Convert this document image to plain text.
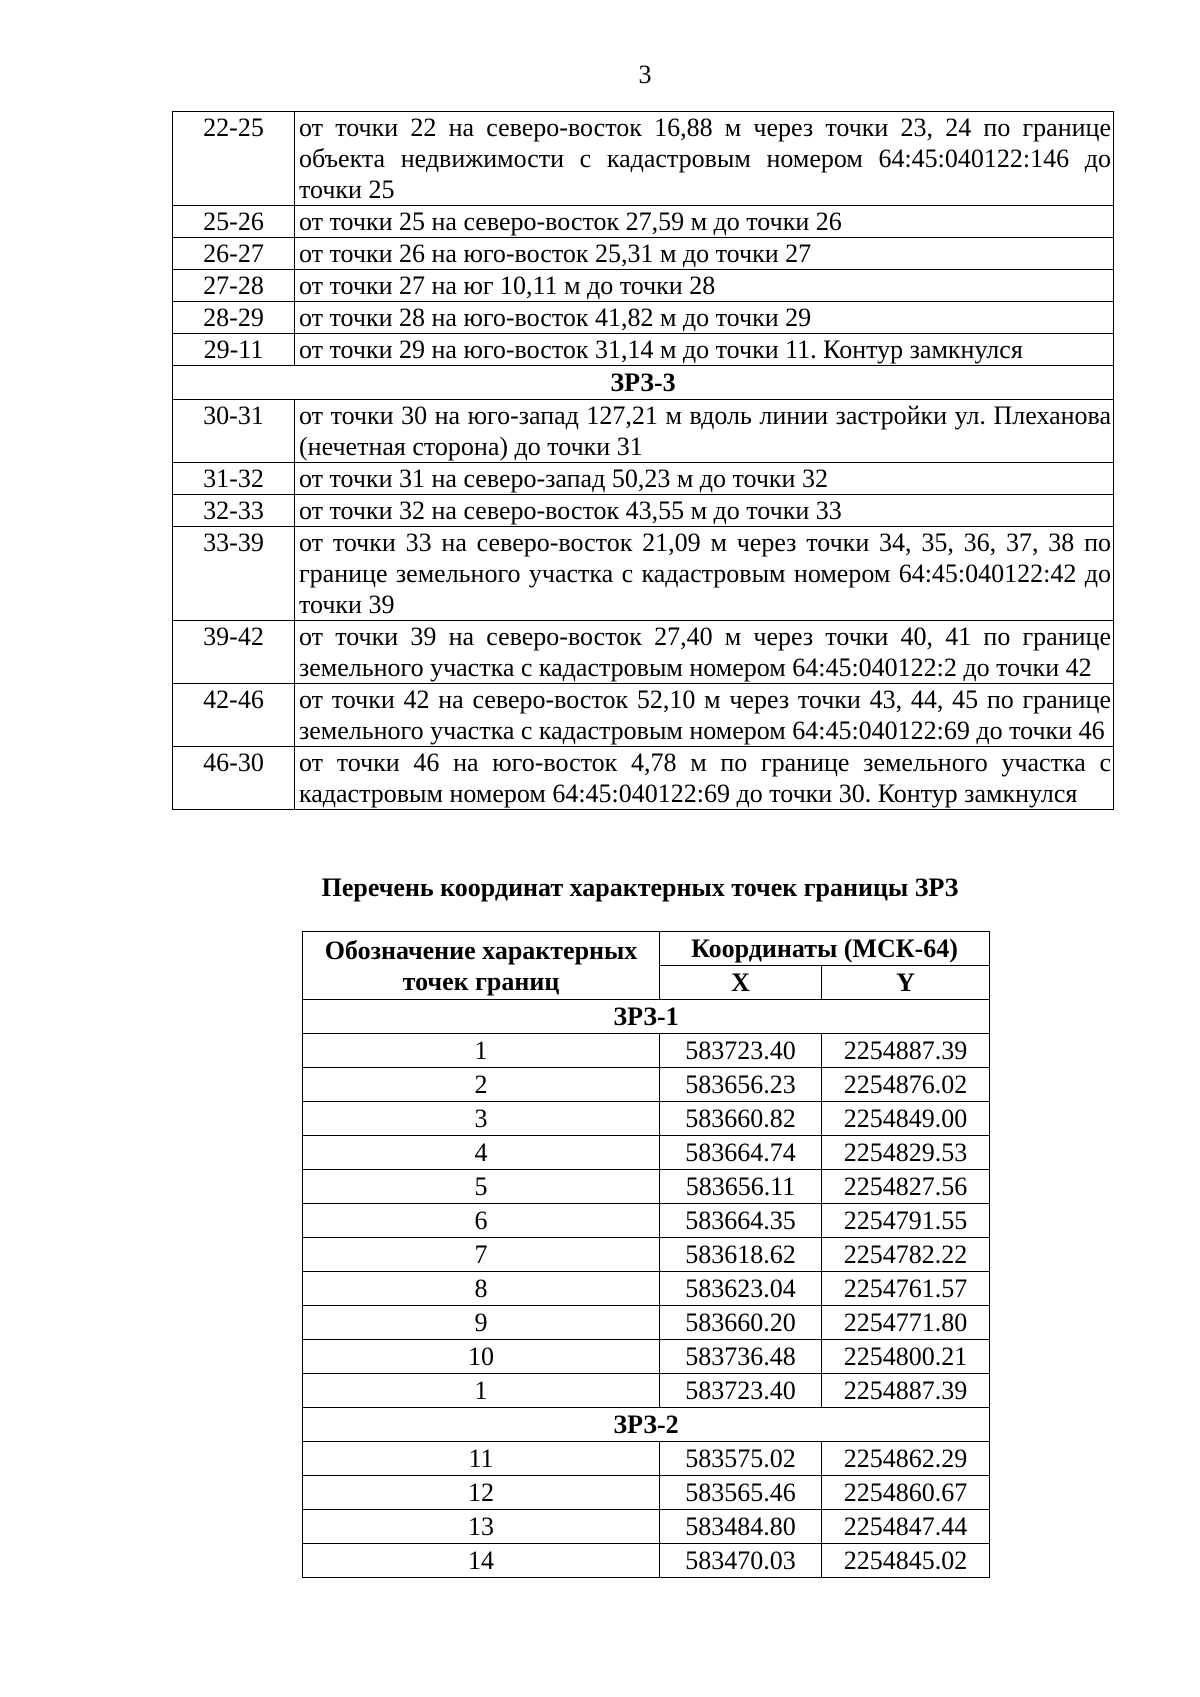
3
22-25	от точки 22 на северо-восток 16,88 м через точки 23, 24 по границе объекта недвижимости с кадастровым номером 64:45:040122:146 до точки 25
25-26	от точки 25 на северо-восток 27,59 м до точки 26
26-27	от точки 26 на юго-восток 25,31 м до точки 27
27-28	от точки 27 на юг 10,11 м до точки 28
28-29	от точки 28 на юго-восток 41,82 м до точки 29
29-11	от точки 29 на юго-восток 31,14 м до точки 11. Контур замкнулся
ЗРЗ-3	
30-31	от точки 30 на юго-запад 127,21 м вдоль линии застройки ул. Плеханова (нечетная сторона) до точки 31
31-32	от точки 31 на северо-запад 50,23 м до точки 32
32-33	от точки 32 на северо-восток 43,55 м до точки 33
33-39	от точки 33 на северо-восток 21,09 м через точки 34, 35, 36, 37, 38 по границе земельного участка с кадастровым номером 64:45:040122:42 до точки 39
39-42	от точки 39 на северо-восток 27,40 м через точки 40, 41 по границе земельного участка с кадастровым номером 64:45:040122:2 до точки 42
42-46	от точки 42 на северо-восток 52,10 м через точки 43, 44, 45 по границе земельного участка с кадастровым номером 64:45:040122:69 до точки 46
46-30	от точки 46 на юго-восток 4,78 м по границе земельного участка с кадастровым номером 64:45:040122:69 до точки 30. Контур замкнулся
Перечень координат характерных точек границы ЗРЗ
Обозначение характерных точек границ	Координаты (МСК-64)	
	X	Y
ЗРЗ-1		
1	583723.40	2254887.39
2	583656.23	2254876.02
3	583660.82	2254849.00
4	583664.74	2254829.53
5	583656.11	2254827.56
6	583664.35	2254791.55
7	583618.62	2254782.22
8	583623.04	2254761.57
9	583660.20	2254771.80
10	583736.48	2254800.21
1	583723.40	2254887.39
ЗРЗ-2		
11	583575.02	2254862.29
12	583565.46	2254860.67
13	583484.80	2254847.44
14	583470.03	2254845.02
